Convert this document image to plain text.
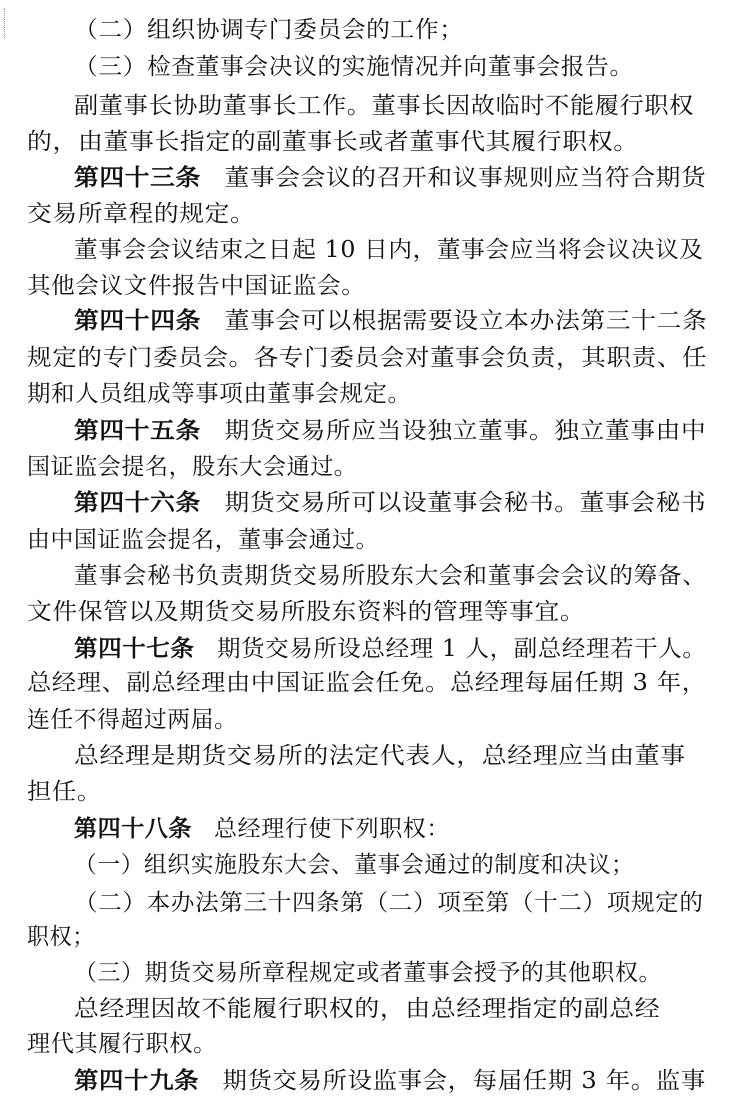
（二）组织协调专门委员会的工作；
（三）检查董事会决议的实施情况并向董事会报告。
副董事长协助董事长工作。董事长因故临时不能履行职权
的，由董事长指定的副董事长或者董事代其履行职权。
第四十三条 董事会会议的召开和议事规则应当符合期货
交易所章程的规定。
董事会会议结束之日起 10 日内，董事会应当将会议决议及
其他会议文件报告中国证监会。
第四十四条 董事会可以根据需要设立本办法第三十二条
规定的专门委员会。各专门委员会对董事会负责，其职责、任
期和人员组成等事项由董事会规定。
第四十五条 期货交易所应当设独立董事。独立董事由中
国证监会提名，股东大会通过。
第四十六条 期货交易所可以设董事会秘书。董事会秘书
由中国证监会提名，董事会通过。
董事会秘书负责期货交易所股东大会和董事会会议的筹备、
文件保管以及期货交易所股东资料的管理等事宜。
第四十七条 期货交易所设总经理 1 人，副总经理若干人。
总经理、副总经理由中国证监会任免。总经理每届任期 3 年，
连任不得超过两届。
总经理是期货交易所的法定代表人，总经理应当由董事
担任。
第四十八条 总经理行使下列职权：
（一）组织实施股东大会、董事会通过的制度和决议；
（二）本办法第三十四条第（二）项至第（十二）项规定的
职权；
（三）期货交易所章程规定或者董事会授予的其他职权。
总经理因故不能履行职权的，由总经理指定的副总经
理代其履行职权。
第四十九条 期货交易所设监事会，每届任期 3 年。监事
